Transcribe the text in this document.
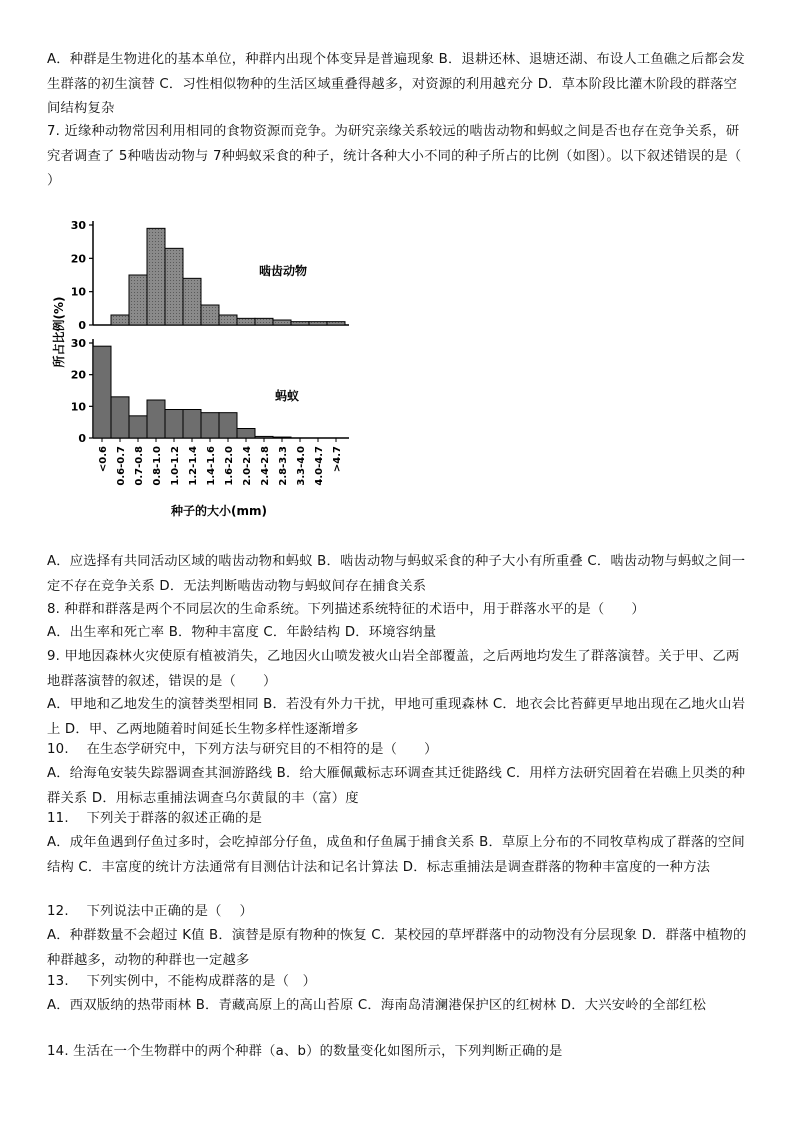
A．种群是生物进化的基本单位，种群内出现个体变异是普遍现象 B．退耕还林、退塘还湖、布设人工鱼礁之后都会发生群落的初生演替 C．习性相似物种的生活区域重叠得越多，对资源的利用越充分 D．草本阶段比灌木阶段的群落空间结构复杂
7. 近缘种动物常因利用相同的食物资源而竞争。为研究亲缘关系较远的啮齿动物和蚂蚁之间是否也存在竞争关系，研究者调查了 5种啮齿动物与 7种蚂蚁采食的种子，统计各种大小不同的种子所占的比例（如图）。以下叙述错误的是（　　）
30
20
10
0
30
20
10
0
<0.6 0.6-0.7 0.7-0.8 0.8-1.0 1.0-1.2 1.2-1.4 1.4-1.6 1.6-2.0 2.0-2.4 2.4-2.8 2.8-3.3 3.3-4.0 4.0-4.7 >4.7
啮齿动物
蚂蚁
所占比例(%)
种子的大小(mm)
A．应选择有共同活动区域的啮齿动物和蚂蚁 B．啮齿动物与蚂蚁采食的种子大小有所重叠 C．啮齿动物与蚂蚁之间一定不存在竞争关系 D．无法判断啮齿动物与蚂蚁间存在捕食关系
8. 种群和群落是两个不同层次的生命系统。下列描述系统特征的术语中，用于群落水平的是（　　）
A．出生率和死亡率 B．物种丰富度 C．年龄结构 D．环境容纳量
9. 甲地因森林火灾使原有植被消失，乙地因火山喷发被火山岩全部覆盖，之后两地均发生了群落演替。关于甲、乙两地群落演替的叙述，错误的是（　　）
A．甲地和乙地发生的演替类型相同 B．若没有外力干扰，甲地可重现森林 C．地衣会比苔藓更早地出现在乙地火山岩上 D．甲、乙两地随着时间延长生物多样性逐渐增多
10.　 在生态学研究中，下列方法与研究目的不相符的是（　　）
A．给海龟安装失踪器调查其洄游路线 B．给大雁佩戴标志环调查其迁徙路线 C．用样方法研究固着在岩礁上贝类的种群关系 D．用标志重捕法调查乌尔黄鼠的丰（富）度
11.　 下列关于群落的叙述正确的是
A．成年鱼遇到仔鱼过多时，会吃掉部分仔鱼，成鱼和仔鱼属于捕食关系 B．草原上分布的不同牧草构成了群落的空间结构 C．丰富度的统计方法通常有目测估计法和记名计算法 D．标志重捕法是调查群落的物种丰富度的一种方法
12.　 下列说法中正确的是（　 ）
A．种群数量不会超过 K值 B．演替是原有物种的恢复 C．某校园的草坪群落中的动物没有分层现象 D．群落中植物的种群越多，动物的种群也一定越多
13.　 下列实例中，不能构成群落的是（　）
A．西双版纳的热带雨林 B．青藏高原上的高山苔原 C．海南岛清澜港保护区的红树林 D．大兴安岭的全部红松
14. 生活在一个生物群中的两个种群（a、b）的数量变化如图所示，下列判断正确的是
